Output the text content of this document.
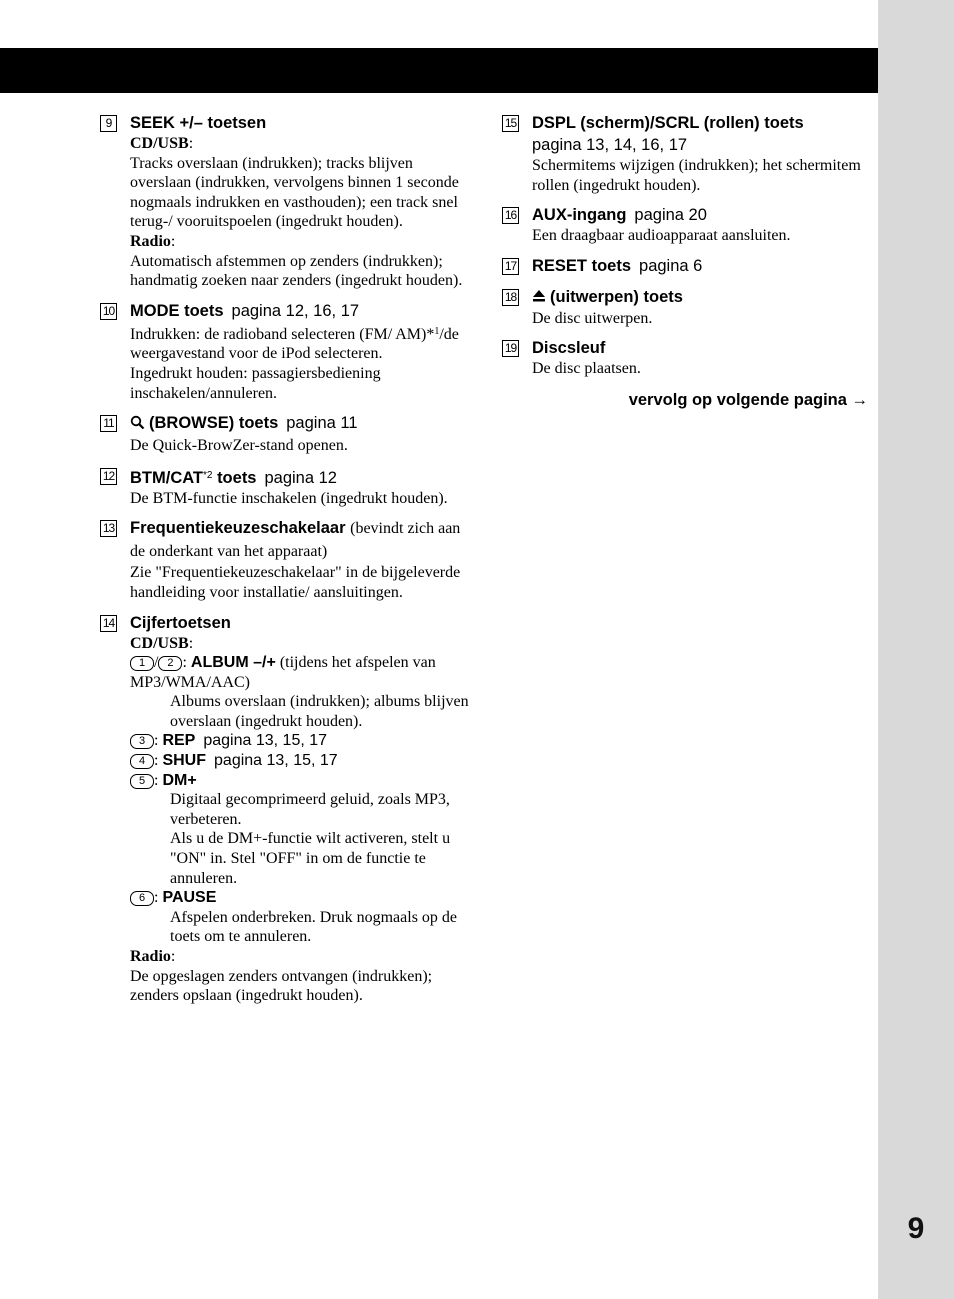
9
9	SEEK +/– toetsen
CD/USB:
Tracks overslaan (indrukken); tracks blijven overslaan (indrukken, vervolgens binnen 1 seconde nogmaals indrukken en vasthouden); een track snel terug-/ vooruitspoelen (ingedrukt houden).
Radio:
Automatisch afstemmen op zenders (indrukken); handmatig zoeken naar zenders (ingedrukt houden).
10 MODE toets pagina 12, 16, 17
Indrukken: de radioband selecteren (FM/ AM)*$^1$/de weergavestand voor de iPod selecteren.
Ingedrukt houden: passagiersbediening inschakelen/annuleren.
11	(BROWSE) toets pagina 11
De Quick-BrowZer-stand openen.
12 BTM/CAT$^{*2}$ toets pagina 12
De BTM-functie inschakelen (ingedrukt houden).
13 Frequentiekeuzeschakelaar (bevindt zich aan de onderkant van het apparaat)
Zie "Frequentiekeuzeschakelaar" in de bijgeleverde handleiding voor installatie/ aansluitingen.
14 Cijfertoetsen
CD/USB:
1 / 2 : ALBUM –/+ (tijdens het afspelen van MP3/WMA/AAC)
Albums overslaan (indrukken); albums blijven overslaan (ingedrukt houden).
3 : REP pagina 13, 15, 17
4 : SHUF pagina 13, 15, 17
5 : DM+
Digitaal gecomprimeerd geluid, zoals MP3, verbeteren.
Als u de DM+-functie wilt activeren, stelt u "ON" in. Stel "OFF" in om de functie te annuleren.
6 : PAUSE
Afspelen onderbreken. Druk nogmaals op de toets om te annuleren.
Radio:
De opgeslagen zenders ontvangen (indrukken); zenders opslaan (ingedrukt houden).
15 DSPL (scherm)/SCRL (rollen) toets
pagina 13, 14, 16, 17
Schermitems wijzigen (indrukken); het schermitem rollen (ingedrukt houden).
16 AUX-ingang pagina 20
Een draagbaar audioapparaat aansluiten.
17 RESET toets pagina 6
18	(uitwerpen) toets
De disc uitwerpen.
19 Discsleuf
De disc plaatsen.
vervolg op volgende pagina →
